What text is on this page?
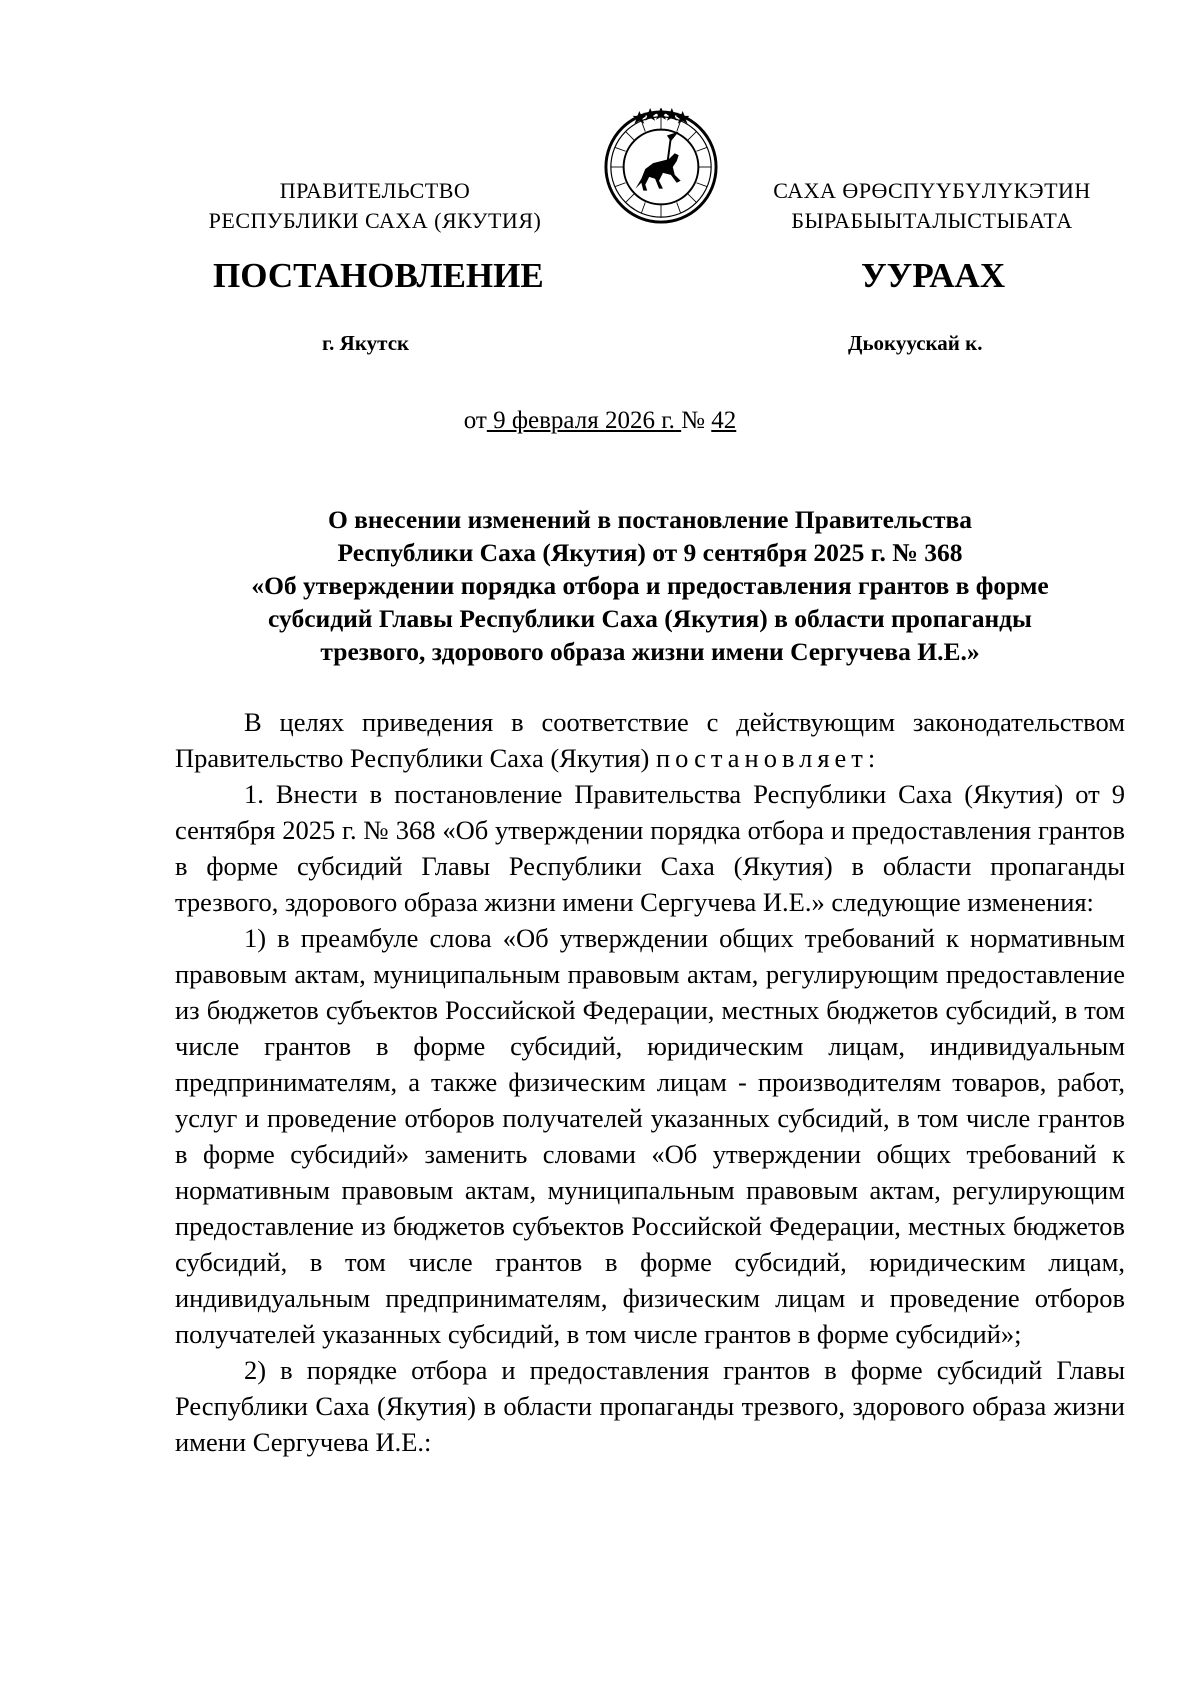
ПРАВИТЕЛЬСТВО
РЕСПУБЛИКИ САХА (ЯКУТИЯ)
САХА ӨРӨСПҮҮБҮЛҮКЭТИН
БЫРАБЫЫТАЛЫСТЫБАТА
ПОСТАНОВЛЕНИЕ	УУРААХ
г. Якутск	Дьокуускай к.
от 9 февраля 2026 г. № 42
О внесении изменений в постановление Правительства
Республики Саха (Якутия) от 9 сентября 2025 г. № 368
«Об утверждении порядка отбора и предоставления грантов в форме
субсидий Главы Республики Саха (Якутия) в области пропаганды
трезвого, здорового образа жизни имени Сергучева И.Е.»

В целях приведения в соответствие с действующим законодательством Правительство Республики Саха (Якутия) постановляет:

1. Внести в постановление Правительства Республики Саха (Якутия) от 9 сентября 2025 г. № 368 «Об утверждении порядка отбора и предоставления грантов в форме субсидий Главы Республики Саха (Якутия) в области пропаганды трезвого, здорового образа жизни имени Сергучева И.Е.» следующие изменения:

1) в преамбуле слова «Об утверждении общих требований к нормативным правовым актам, муниципальным правовым актам, регулирующим предоставление из бюджетов субъектов Российской Федерации, местных бюджетов субсидий, в том числе грантов в форме субсидий, юридическим лицам, индивидуальным предпринимателям, а также физическим лицам - производителям товаров, работ, услуг и проведение отборов получателей указанных субсидий, в том числе грантов в форме субсидий» заменить словами «Об утверждении общих требований к нормативным правовым актам, муниципальным правовым актам, регулирующим предоставление из бюджетов субъектов Российской Федерации, местных бюджетов субсидий, в том числе грантов в форме субсидий, юридическим лицам, индивидуальным предпринимателям, физическим лицам и проведение отборов получателей указанных субсидий, в том числе грантов в форме субсидий»;

2) в порядке отбора и предоставления грантов в форме субсидий Главы Республики Саха (Якутия) в области пропаганды трезвого, здорового образа жизни имени Сергучева И.Е.:
